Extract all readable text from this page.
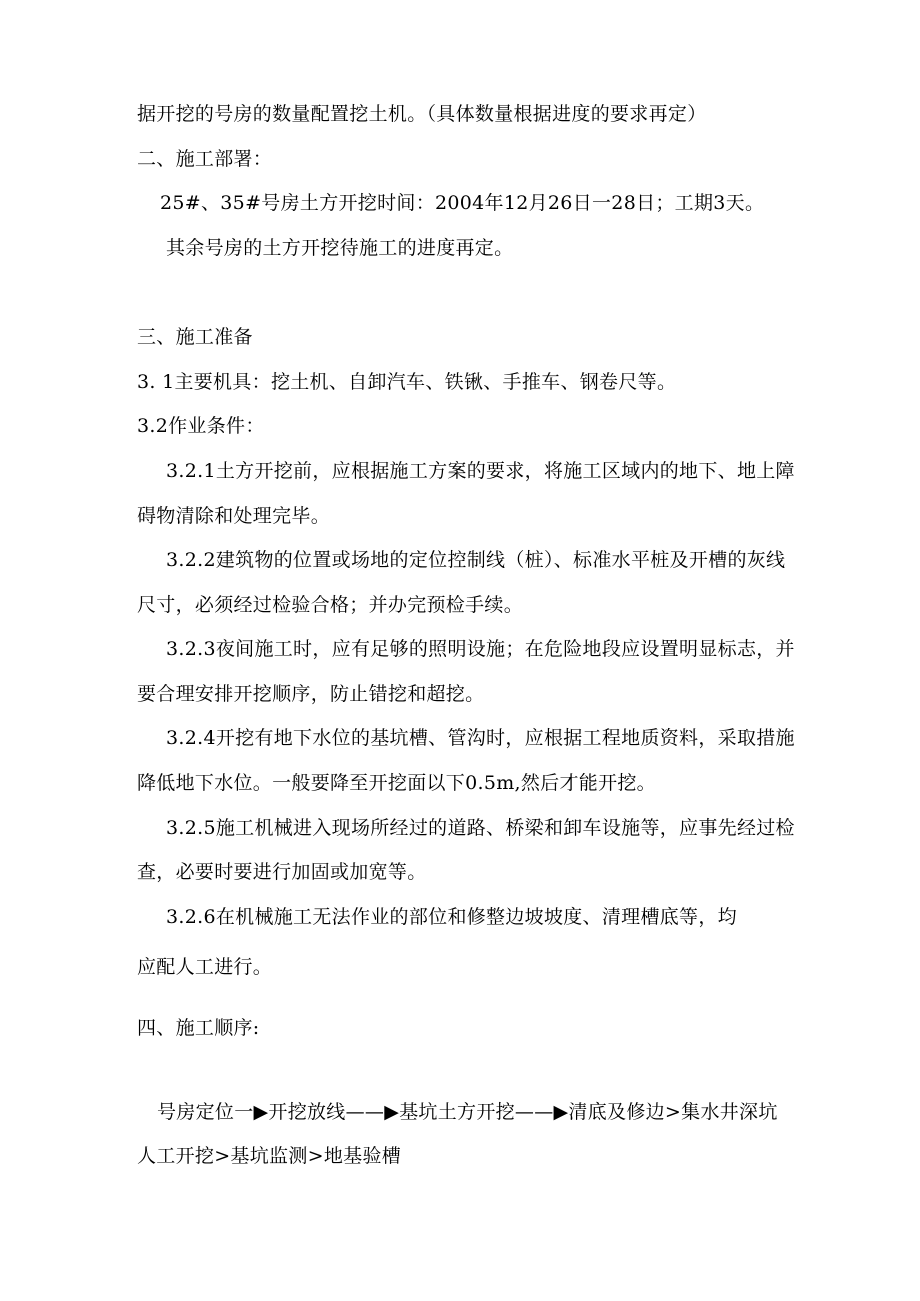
据开挖的号房的数量配置挖土机。（具体数量根据进度的要求再定）
二、施工部署：
25#、35#号房土方开挖时间：2004年12月26日一28日；工期3天。
其余号房的土方开挖待施工的进度再定。
三、施工准备
3. 1主要机具：挖土机、自卸汽车、铁锹、手推车、钢卷尺等。
3.2作业条件：
3.2.1土方开挖前，应根据施工方案的要求，将施工区域内的地下、地上障
碍物清除和处理完毕。
3.2.2建筑物的位置或场地的定位控制线（桩）、标准水平桩及开槽的灰线
尺寸，必须经过检验合格；并办完预检手续。
3.2.3夜间施工时，应有足够的照明设施；在危险地段应设置明显标志，并
要合理安排开挖顺序，防止错挖和超挖。
3.2.4开挖有地下水位的基坑槽、管沟时，应根据工程地质资料，采取措施
降低地下水位。一般要降至开挖面以下0.5m,然后才能开挖。
3.2.5施工机械进入现场所经过的道路、桥梁和卸车设施等，应事先经过检
查，必要时要进行加固或加宽等。
3.2.6在机械施工无法作业的部位和修整边坡坡度、清理槽底等，均
应配人工进行。
四、施工顺序:
号房定位一▶开挖放线——▶基坑土方开挖——▶清底及修边>集水井深坑
人工开挖>基坑监测>地基验槽
